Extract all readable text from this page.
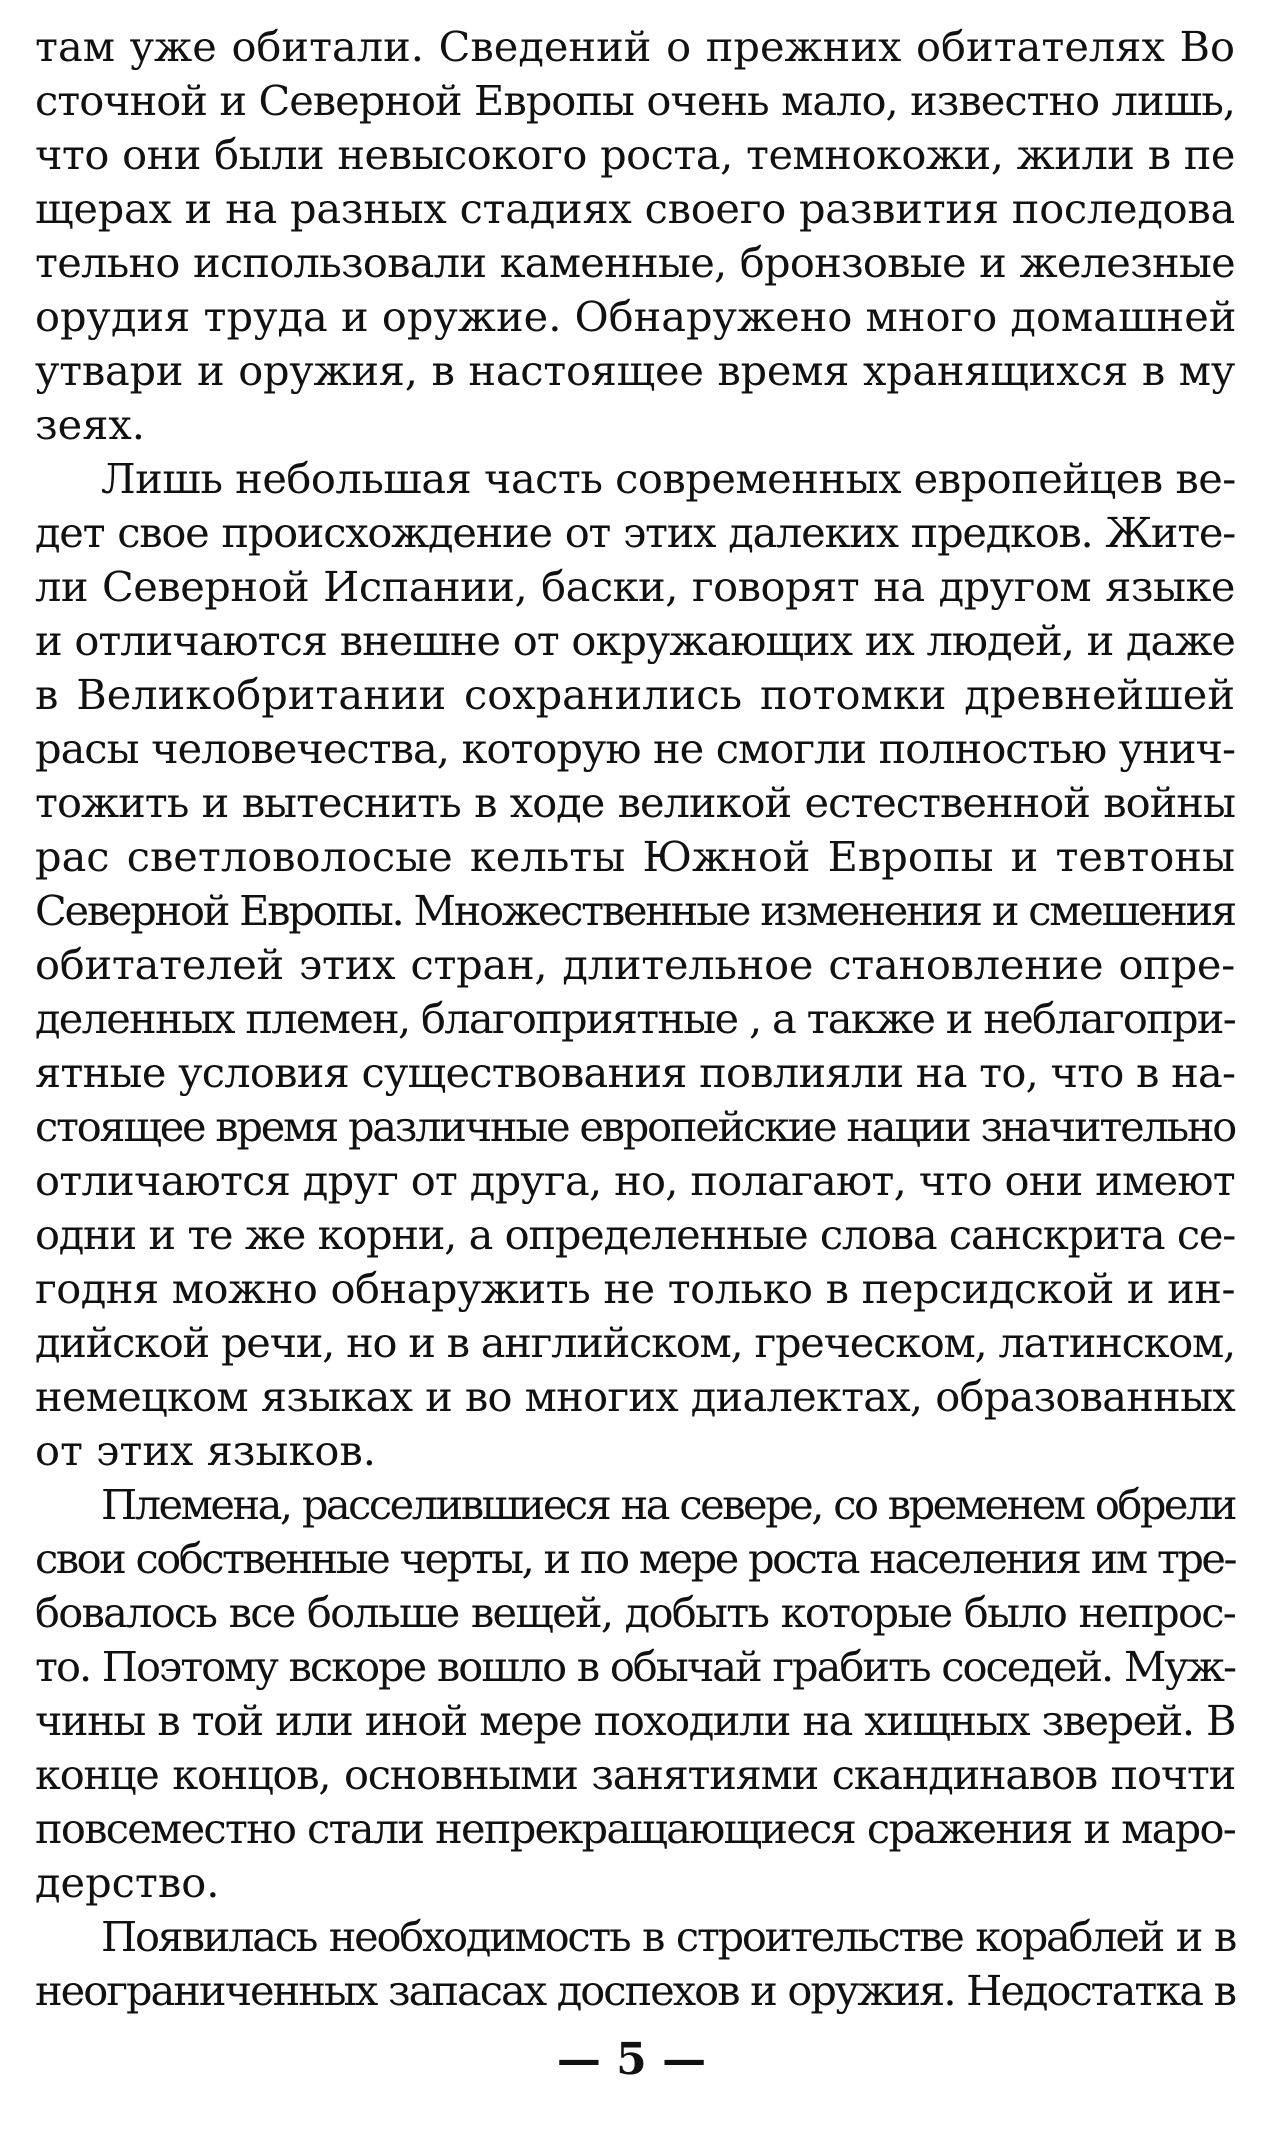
там уже обитали. Сведений о прежних обитателях Во
сточной и Северной Европы очень мало, известно лишь,
что они были невысокого роста, темнокожи, жили в пе
щерах и на разных стадиях своего развития последова
тельно использовали каменные, бронзовые и железные
орудия труда и оружие. Обнаружено много домашней
утвари и оружия, в настоящее время хранящихся в му
зеях.
Лишь небольшая часть современных европейцев ве-
дет свое происхождение от этих далеких предков. Жите-
ли Северной Испании, баски, говорят на другом языке
и отличаются внешне от окружающих их людей, и даже
в Великобритании сохранились потомки древнейшей
расы человечества, которую не смогли полностью унич-
тожить и вытеснить в ходе великой естественной войны
рас светловолосые кельты Южной Европы и тевтоны
Северной Европы. Множественные изменения и смешения
обитателей этих стран, длительное становление опре-
деленных племен, благоприятные , а также и неблагопри-
ятные условия существования повлияли на то, что в на-
стоящее время различные европейские нации значительно
отличаются друг от друга, но, полагают, что они имеют
одни и те же корни, а определенные слова санскрита се-
годня можно обнаружить не только в персидской и ин-
дийской речи, но и в английском, греческом, латинском,
немецком языках и во многих диалектах, образованных
от этих языков.
Племена, расселившиеся на севере, со временем обрели
свои собственные черты, и по мере роста населения им тре-
бовалось все больше вещей, добыть которые было непрос-
то. Поэтому вскоре вошло в обычай грабить соседей. Муж-
чины в той или иной мере походили на хищных зверей. В
конце концов, основными занятиями скандинавов почти
повсеместно стали непрекращающиеся сражения и маро-
дерство.
Появилась необходимость в строительстве кораблей и в
неограниченных запасах доспехов и оружия. Недостатка в
— 5 —
